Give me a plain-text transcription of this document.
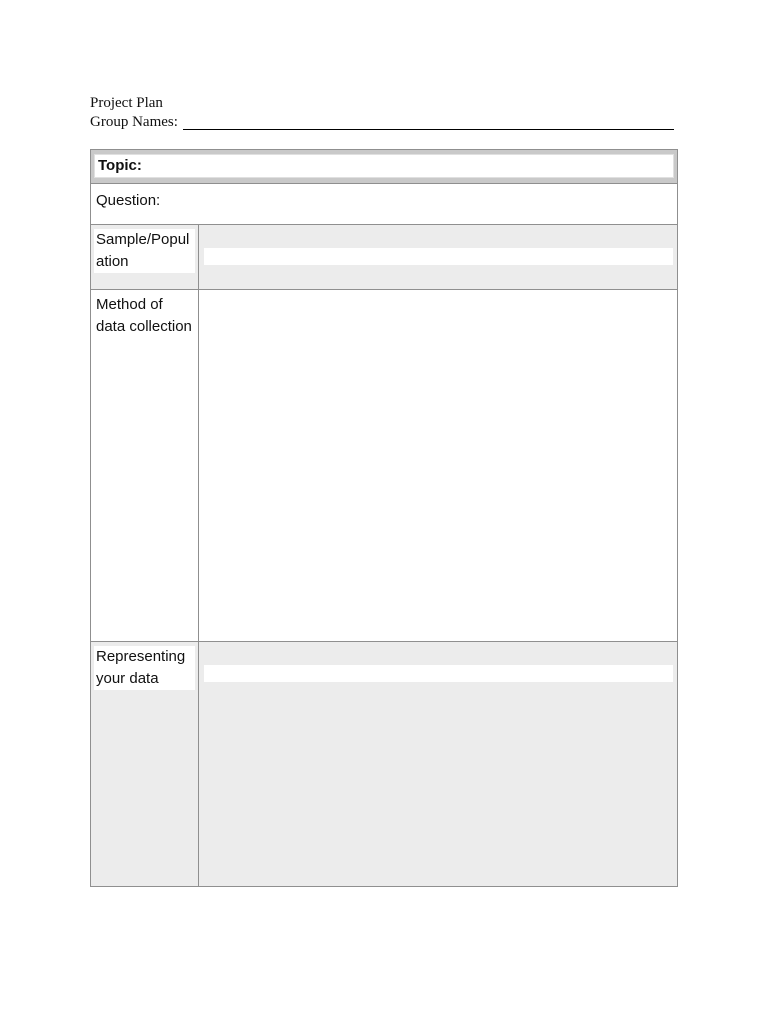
Project Plan
Group Names:
Topic:
Question:
Sample/Population
Method of data collection
Representing your data
